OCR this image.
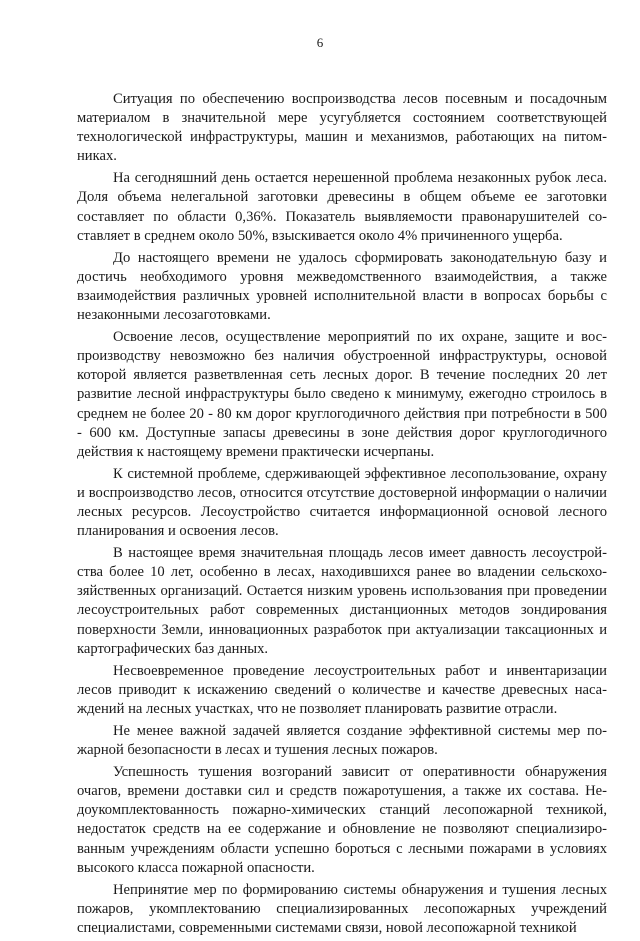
6

Ситуация по обеспечению воспроизводства лесов посевным и посадочным материалом в значительной мере усугубляется состоянием соответствующей технологической инфраструктуры, машин и механизмов, работающих на питомниках.

На сегодняшний день остается нерешенной проблема незаконных рубок леса. Доля объема нелегальной заготовки древесины в общем объеме ее заготовки составляет по области 0,36%. Показатель выявляемости правонарушителей составляет в среднем около 50%, взыскивается около 4% причиненного ущерба.

До настоящего времени не удалось сформировать законодательную базу и достичь необходимого уровня межведомственного взаимодействия, а также взаимодействия различных уровней исполнительной власти в вопросах борьбы с незаконными лесозаготовками.

Освоение лесов, осуществление мероприятий по их охране, защите и воспроизводству невозможно без наличия обустроенной инфраструктуры, основой которой является разветвленная сеть лесных дорог. В течение последних 20 лет развитие лесной инфраструктуры было сведено к минимуму, ежегодно строилось в среднем не более 20 - 80 км дорог круглогодичного действия при потребности в 500 - 600 км. Доступные запасы древесины в зоне действия дорог круглогодичного действия к настоящему времени практически исчерпаны.

К системной проблеме, сдерживающей эффективное лесопользование, охрану и воспроизводство лесов, относится отсутствие достоверной информации о наличии лесных ресурсов. Лесоустройство считается информационной основой лесного планирования и освоения лесов.

В настоящее время значительная площадь лесов имеет давность лесоустройства более 10 лет, особенно в лесах, находившихся ранее во владении сельскохозяйственных организаций. Остается низким уровень использования при проведении лесоустроительных работ современных дистанционных методов зондирования поверхности Земли, инновационных разработок при актуализации таксационных и картографических баз данных.

Несвоевременное проведение лесоустроительных работ и инвентаризации лесов приводит к искажению сведений о количестве и качестве древесных насаждений на лесных участках, что не позволяет планировать развитие отрасли.

Не менее важной задачей является создание эффективной системы мер пожарной безопасности в лесах и тушения лесных пожаров.

Успешность тушения возгораний зависит от оперативности обнаружения очагов, времени доставки сил и средств пожаротушения, а также их состава. Недоукомплектованность пожарно-химических станций лесопожарной техникой, недостаток средств на ее содержание и обновление не позволяют специализированным учреждениям области успешно бороться с лесными пожарами в условиях высокого класса пожарной опасности.

Непринятие мер по формированию системы обнаружения и тушения лесных пожаров, укомплектованию специализированных лесопожарных учреждений специалистами, современными системами связи, новой лесопожарной техникой
